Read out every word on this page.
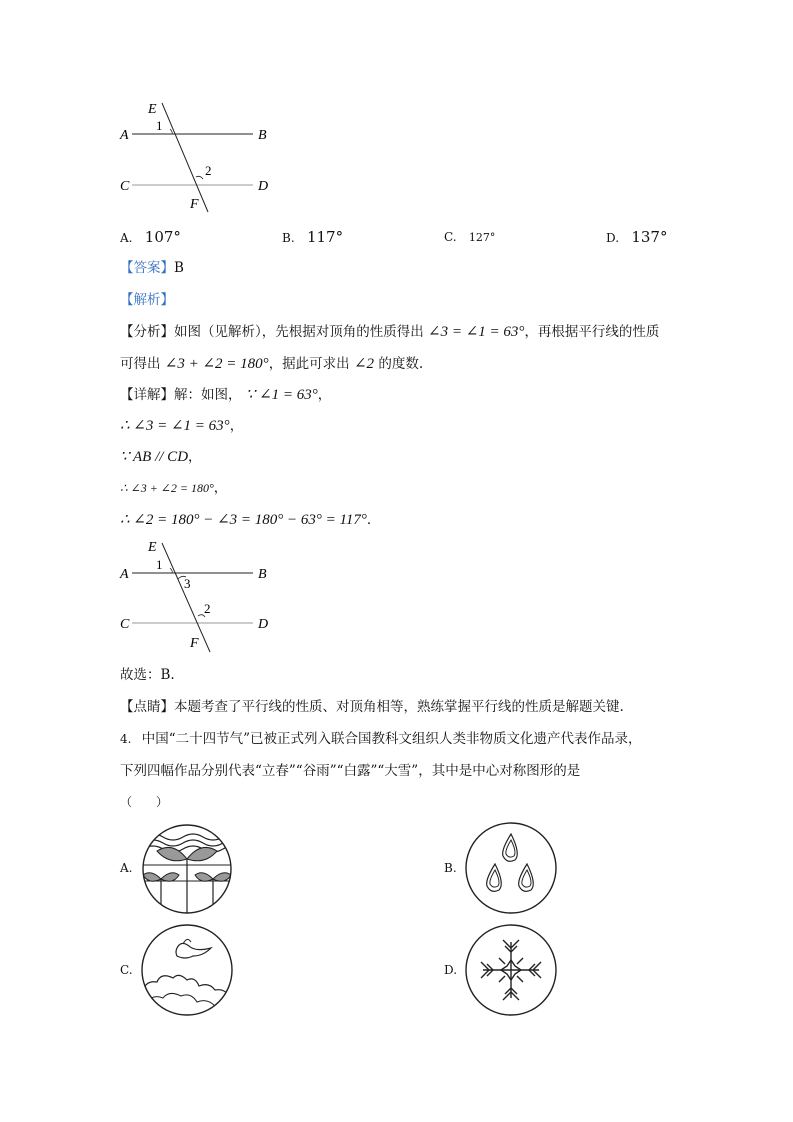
E
A	B
C	D
F
1
2
A. 107°	B. 117°	C. 127°	D. 137°
【答案】B
【解析】
【分析】如图（见解析），先根据对顶角的性质得出 ∠3 = ∠1 = 63°，再根据平行线的性质
可得出 ∠3 + ∠2 = 180°，据此可求出 ∠2 的度数.
【详解】解：如图， ∵ ∠1 = 63°，
∴ ∠3 = ∠1 = 63°，
∵ AB // CD，
∴ ∠3 + ∠2 = 180°，
∴ ∠2 = 180° − ∠3 = 180° − 63° = 117°．
E
A	B
C	D
F
1
3
2
故选：B.
【点睛】本题考查了平行线的性质、对顶角相等，熟练掌握平行线的性质是解题关键.
4. 中国“二十四节气”已被正式列入联合国教科文组织人类非物质文化遗产代表作品录，
下列四幅作品分别代表“立春”“谷雨”“白露”“大雪”，其中是中心对称图形的是
（　　）
A.	B.
C.	D.
